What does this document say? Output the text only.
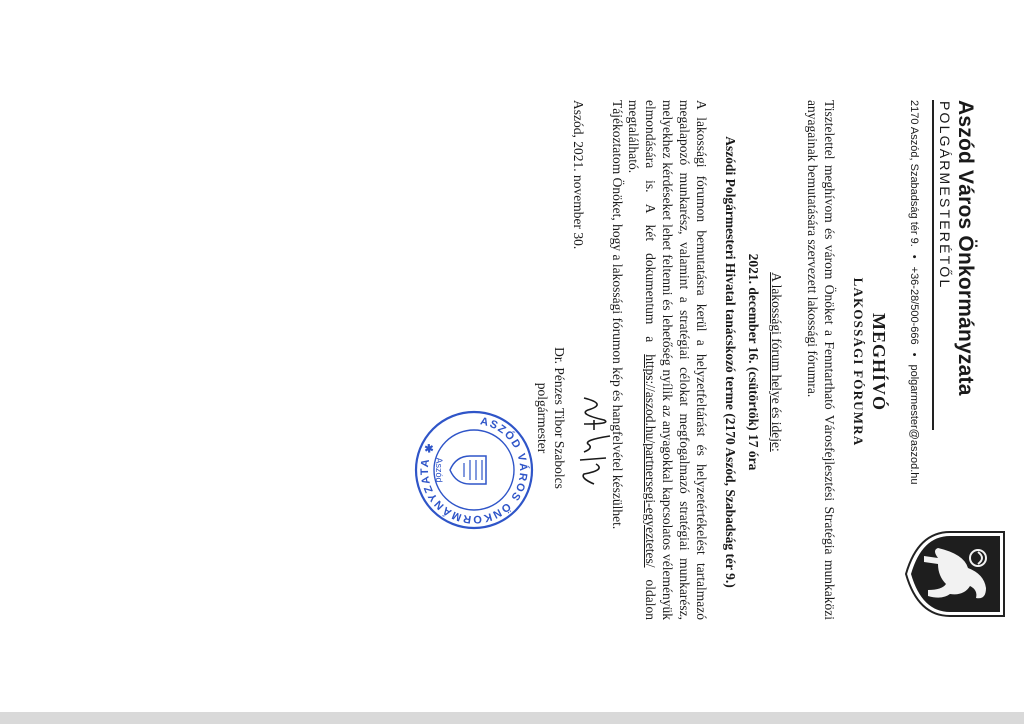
Aszód Város Önkormányzata
POLGÁRMESTERÉTŐL
2170 Aszód, Szabadság tér 9.•+36-28/500-666•polgarmester@aszod.hu
MEGHÍVÓ
LAKOSSÁGI FÓRUMRA
Tisztelettel meghívom és várom Önöket a Fenntartható Városfejlesztési Stratégia munkaközi anyagainak bemutatására szervezett lakossági fórumra.
A lakossági fórum helye és ideje:
2021. december 16. (csütörtök) 17 óra
Aszódi Polgármesteri Hivatal tanácskozó terme (2170 Aszód, Szabadság tér 9.)
A lakossági fórumon bemutatásra kerül a helyzetfeltárást és helyzetértékelést tartalmazó megalapozó munkarész, valamint a stratégiai célokat megfogalmazó stratégiai munkarész, melyekhez kérdéseket lehet feltenni és lehetőség nyílik az anyagokkal kapcsolatos véleményük elmondására is. A két dokumentum a https://aszod.hu/partnersegi-egyeztetes/ oldalon megtalálható.
Tájékoztatom Önöket, hogy a lakossági fórumon kép és hangfelvétel készülhet.
Aszód, 2021. november 30.
Dr. Pénzes Tibor Szabolcs
polgármester
ASZÓD VÁROS ÖNKORMÁNYZATA ✱
Aszód
